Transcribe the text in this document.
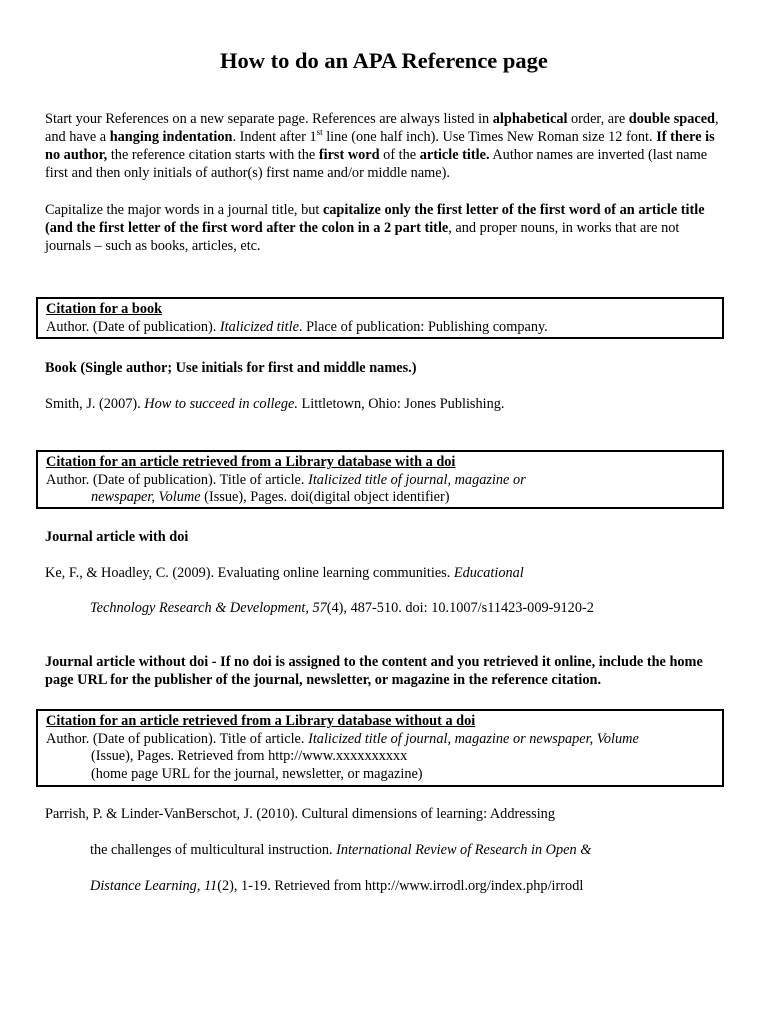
How to do an APA Reference page

Start your References on a new separate page. References are always listed in alphabetical order, are double spaced, and have a hanging indentation. Indent after 1st line (one half inch). Use Times New Roman size 12 font. If there is no author, the reference citation starts with the first word of the article title. Author names are inverted (last name first and then only initials of author(s) first name and/or middle name).

Capitalize the major words in a journal title, but capitalize only the first letter of the first word of an article title (and the first letter of the first word after the colon in a 2 part title, and proper nouns, in works that are not journals – such as books, articles, etc.

Citation for a book
Author. (Date of publication). Italicized title. Place of publication: Publishing company.

Book (Single author; Use initials for first and middle names.)

Smith, J. (2007). How to succeed in college. Littletown, Ohio: Jones Publishing.

Citation for an article retrieved from a Library database with a doi
Author. (Date of publication). Title of article. Italicized title of journal, magazine or
newspaper, Volume (Issue), Pages. doi(digital object identifier)

Journal article with doi

Ke, F., & Hoadley, C. (2009). Evaluating online learning communities. Educational

Technology Research & Development, 57(4), 487-510. doi: 10.1007/s11423-009-9120-2

Journal article without doi - If no doi is assigned to the content and you retrieved it online, include the home page URL for the publisher of the journal, newsletter, or magazine in the reference citation.

Citation for an article retrieved from a Library database without a doi
Author. (Date of publication). Title of article. Italicized title of journal, magazine or newspaper, Volume
(Issue), Pages. Retrieved from http://www.xxxxxxxxxx
(home page URL for the journal, newsletter, or magazine)

Parrish, P. & Linder-VanBerschot, J. (2010). Cultural dimensions of learning: Addressing

the challenges of multicultural instruction. International Review of Research in Open &

Distance Learning, 11(2), 1-19. Retrieved from http://www.irrodl.org/index.php/irrodl
